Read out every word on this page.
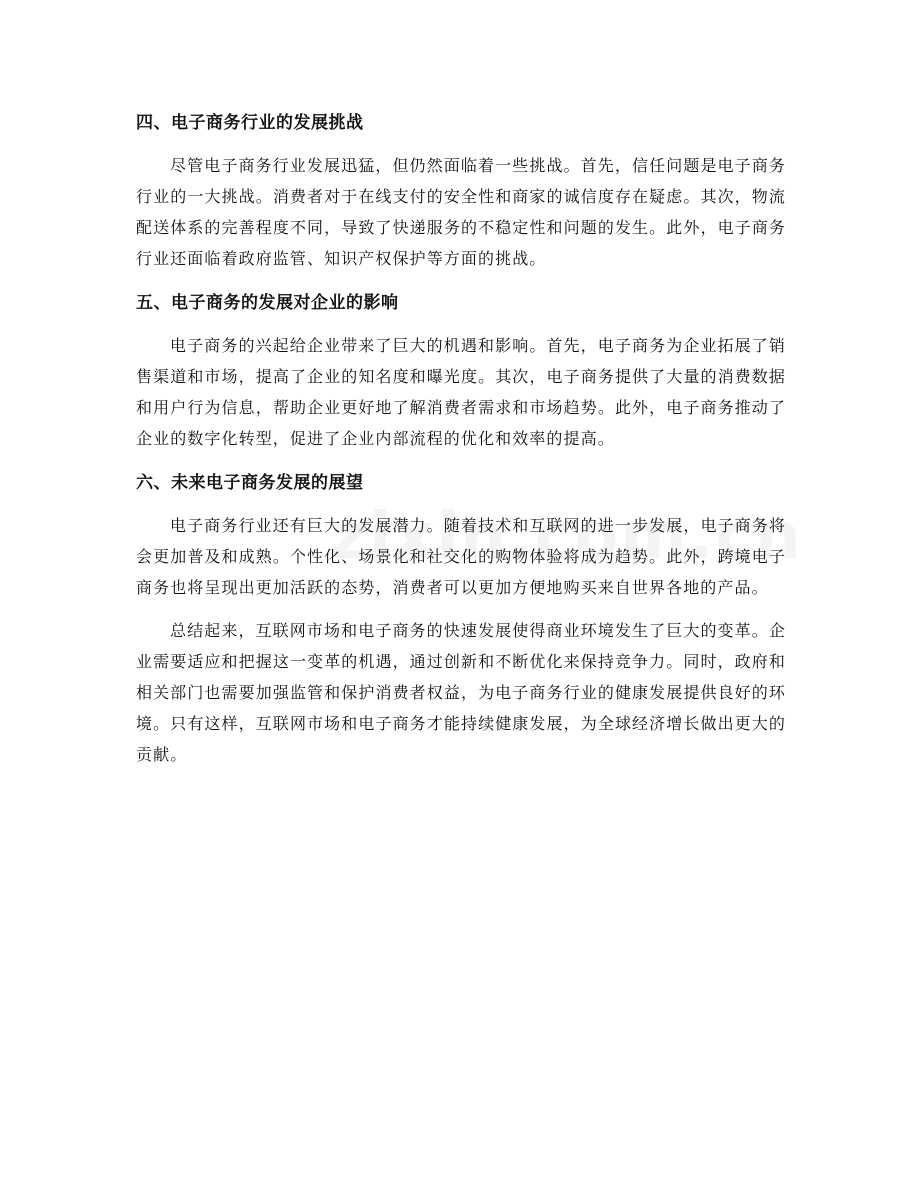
四、电子商务行业的发展挑战

尽管电子商务行业发展迅猛，但仍然面临着一些挑战。首先，信任问题是电子商务行业的一大挑战。消费者对于在线支付的安全性和商家的诚信度存在疑虑。其次，物流配送体系的完善程度不同，导致了快递服务的不稳定性和问题的发生。此外，电子商务行业还面临着政府监管、知识产权保护等方面的挑战。

五、电子商务的发展对企业的影响

电子商务的兴起给企业带来了巨大的机遇和影响。首先，电子商务为企业拓展了销售渠道和市场，提高了企业的知名度和曝光度。其次，电子商务提供了大量的消费数据和用户行为信息，帮助企业更好地了解消费者需求和市场趋势。此外，电子商务推动了企业的数字化转型，促进了企业内部流程的优化和效率的提高。

六、未来电子商务发展的展望

电子商务行业还有巨大的发展潜力。随着技术和互联网的进一步发展，电子商务将会更加普及和成熟。个性化、场景化和社交化的购物体验将成为趋势。此外，跨境电子商务也将呈现出更加活跃的态势，消费者可以更加方便地购买来自世界各地的产品。

总结起来，互联网市场和电子商务的快速发展使得商业环境发生了巨大的变革。企业需要适应和把握这一变革的机遇，通过创新和不断优化来保持竞争力。同时，政府和相关部门也需要加强监管和保护消费者权益，为电子商务行业的健康发展提供良好的环境。只有这样，互联网市场和电子商务才能持续健康发展，为全球经济增长做出更大的贡献。
